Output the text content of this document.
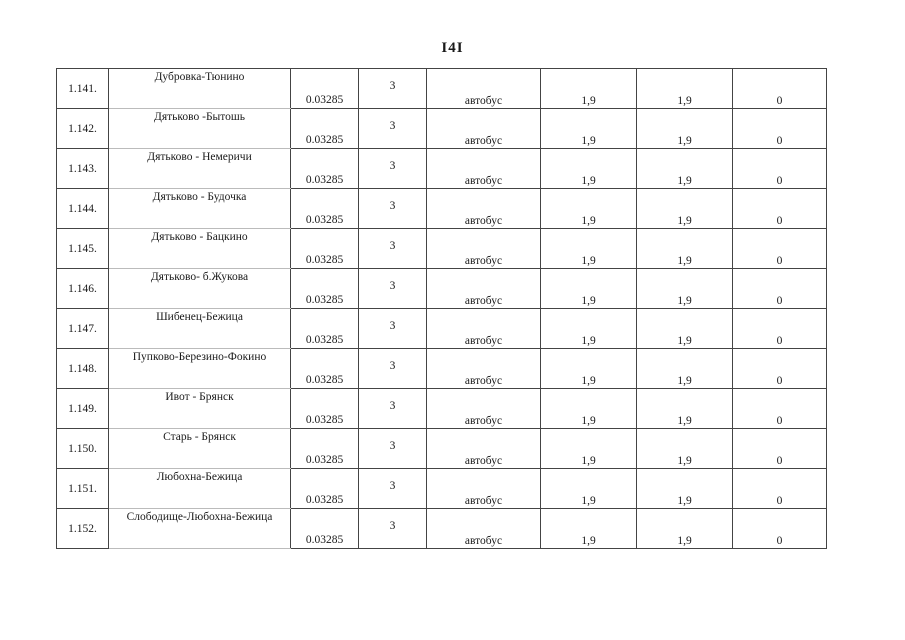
I4I
1.141.	Дубровка-Тюнино	0.03285	3	автобус	1,9	1,9	0
1.142.	Дятьково -Бытошь	0.03285	3	автобус	1,9	1,9	0
1.143.	Дятьково - Немеричи	0.03285	3	автобус	1,9	1,9	0
1.144.	Дятьково - Будочка	0.03285	3	автобус	1,9	1,9	0
1.145.	Дятьково - Бацкино	0.03285	3	автобус	1,9	1,9	0
1.146.	Дятьково- б.Жукова	0.03285	3	автобус	1,9	1,9	0
1.147.	Шибенец-Бежица	0.03285	3	автобус	1,9	1,9	0
1.148.	Пупково-Березино-Фокино	0.03285	3	автобус	1,9	1,9	0
1.149.	Ивот - Брянск	0.03285	3	автобус	1,9	1,9	0
1.150.	Старь - Брянск	0.03285	3	автобус	1,9	1,9	0
1.151.	Любохна-Бежица	0.03285	3	автобус	1,9	1,9	0
1.152.	Слободище-Любохна-Бежица	0.03285	3	автобус	1,9	1,9	0
